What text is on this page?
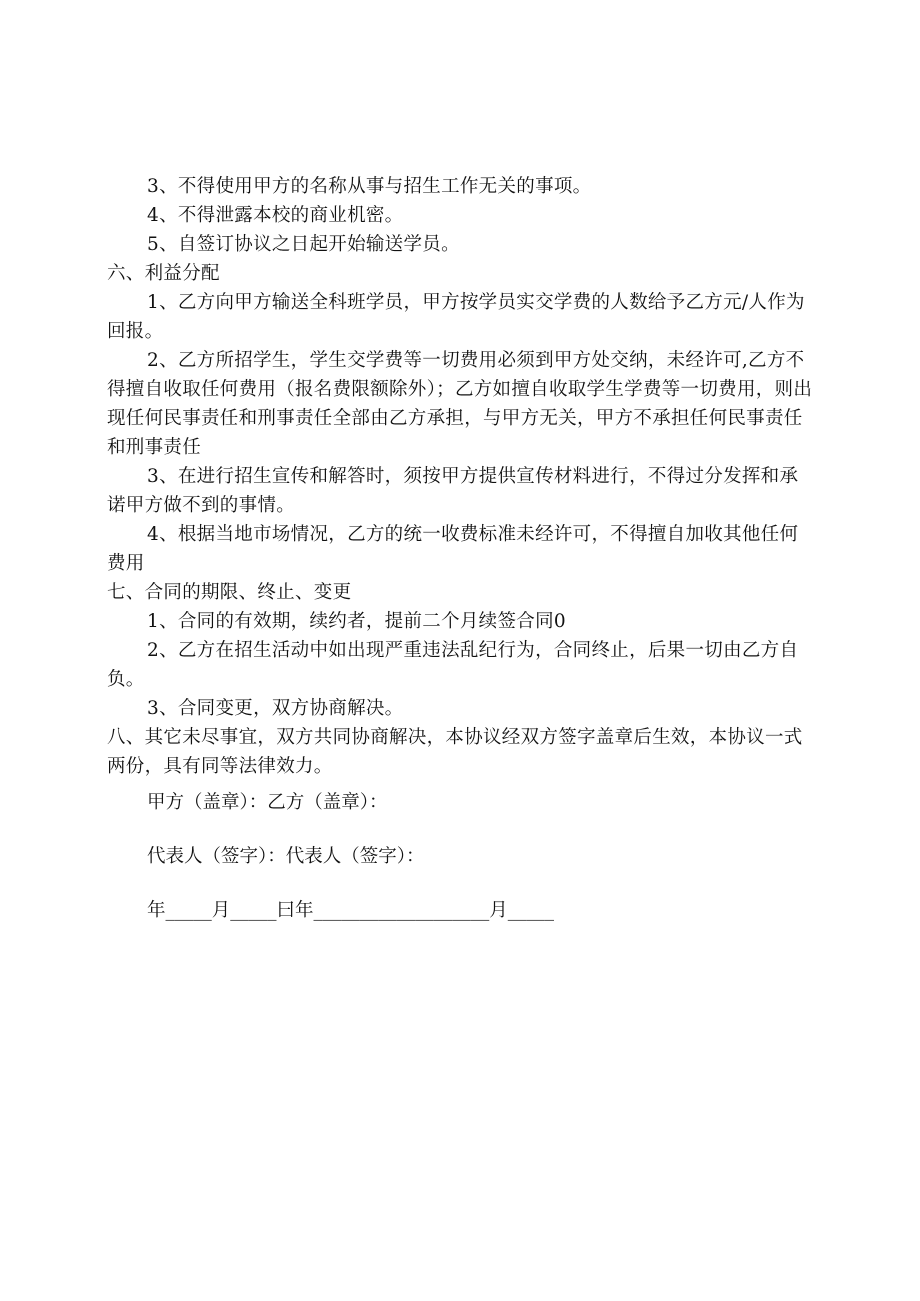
3、不得使用甲方的名称从事与招生工作无关的事项。

4、不得泄露本校的商业机密。

5、自签订协议之日起开始输送学员。

六、利益分配

1、乙方向甲方输送全科班学员，甲方按学员实交学费的人数给予乙方元/人作为回报。

2、乙方所招学生，学生交学费等一切费用必须到甲方处交纳，未经许可,乙方不得擅自收取任何费用（报名费限额除外）；乙方如擅自收取学生学费等一切费用，则出现任何民事责任和刑事责任全部由乙方承担，与甲方无关，甲方不承担任何民事责任和刑事责任

3、在进行招生宣传和解答时，须按甲方提供宣传材料进行，不得过分发挥和承诺甲方做不到的事情。

4、根据当地市场情况，乙方的统一收费标准未经许可，不得擅自加收其他任何费用

七、合同的期限、终止、变更

1、合同的有效期，续约者，提前二个月续签合同0

2、乙方在招生活动中如出现严重违法乱纪行为，合同终止，后果一切由乙方自负。

3、合同变更，双方协商解决。

八、其它未尽事宜，双方共同协商解决，本协议经双方签字盖章后生效，本协议一式两份，具有同等法律效力。

甲方（盖章）：乙方（盖章）：

代表人（签字）：代表人（签字）：

年_____月_____曰年___________________月_____
